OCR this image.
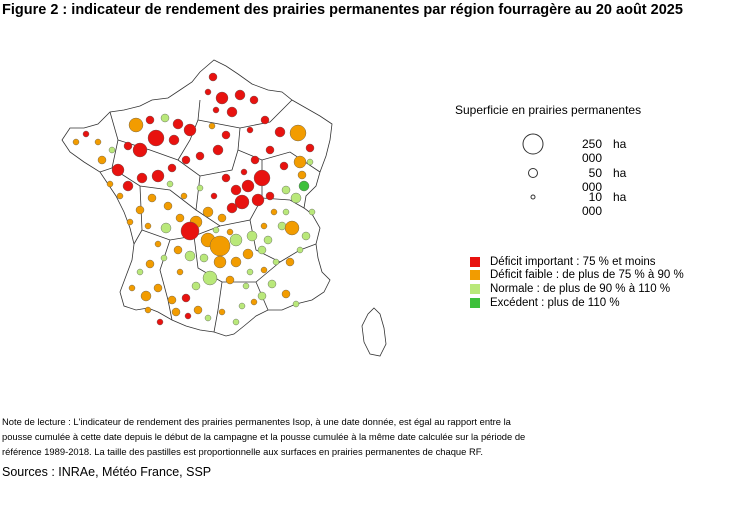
Figure 2 : indicateur de rendement des prairies permanentes par région fourragère au 20 août 2025
Superficie en prairies permanentes
250 000
ha
50 000
ha
10 000
ha
Déficit important : 75 % et moins
Déficit faible : de plus de 75 % à 90 %
Normale : de plus de 90 % à 110 %
Excédent : plus de 110 %
Note de lecture : L'indicateur de rendement des prairies permanentes Isop, à une date donnée, est égal au rapport entre la
pousse cumulée à cette date depuis le début de la campagne et la pousse cumulée à la même date calculée sur la période de
référence 1989-2018. La taille des pastilles est proportionnelle aux surfaces en prairies permanentes de chaque RF.
Sources : INRAe, Météo France, SSP
